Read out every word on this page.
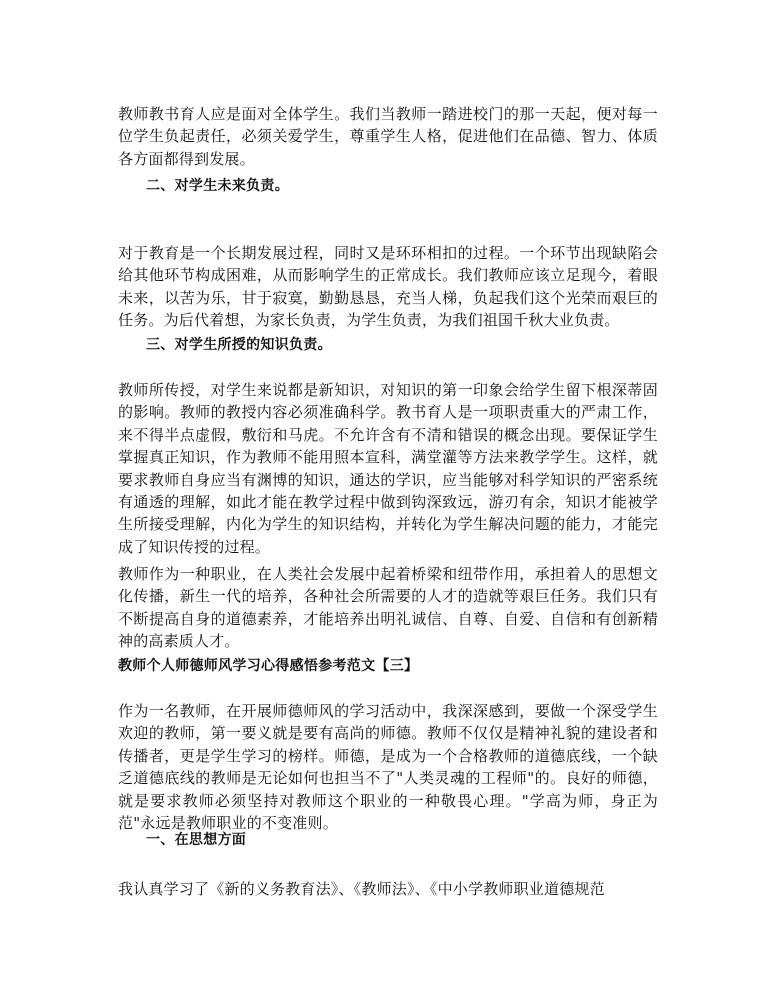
教师教书育人应是面对全体学生。我们当教师一踏进校门的那一天起，便对每一位学生负起责任，必须关爱学生，尊重学生人格，促进他们在品德、智力、体质各方面都得到发展。

二、对学生未来负责。

对于教育是一个长期发展过程，同时又是环环相扣的过程。一个环节出现缺陷会给其他环节构成困难，从而影响学生的正常成长。我们教师应该立足现今，着眼未来，以苦为乐，甘于寂寞，勤勤恳恳，充当人梯，负起我们这个光荣而艰巨的任务。为后代着想，为家长负责，为学生负责，为我们祖国千秋大业负责。

三、对学生所授的知识负责。

教师所传授，对学生来说都是新知识，对知识的第一印象会给学生留下根深蒂固的影响。教师的教授内容必须准确科学。教书育人是一项职责重大的严肃工作，来不得半点虚假，敷衍和马虎。不允许含有不清和错误的概念出现。要保证学生掌握真正知识，作为教师不能用照本宣科，满堂灌等方法来教学学生。这样，就要求教师自身应当有渊博的知识，通达的学识，应当能够对科学知识的严密系统有通透的理解，如此才能在教学过程中做到钩深致远，游刃有余，知识才能被学生所接受理解，内化为学生的知识结构，并转化为学生解决问题的能力，才能完成了知识传授的过程。

教师作为一种职业，在人类社会发展中起着桥梁和纽带作用，承担着人的思想文化传播，新生一代的培养，各种社会所需要的人才的造就等艰巨任务。我们只有不断提高自身的道德素养，才能培养出明礼诚信、自尊、自爱、自信和有创新精神的高素质人才。

教师个人师德师风学习心得感悟参考范文【三】

作为一名教师，在开展师德师风的学习活动中，我深深感到，要做一个深受学生欢迎的教师，第一要义就是要有高尚的师德。教师不仅仅是精神礼貌的建设者和传播者，更是学生学习的榜样。师德，是成为一个合格教师的道德底线，一个缺乏道德底线的教师是无论如何也担当不了"人类灵魂的工程师"的。良好的师德，就是要求教师必须坚持对教师这个职业的一种敬畏心理。"学高为师，身正为范"永远是教师职业的不变准则。

一、在思想方面

我认真学习了《新的义务教育法》、《教师法》、《中小学教师职业道德规范
